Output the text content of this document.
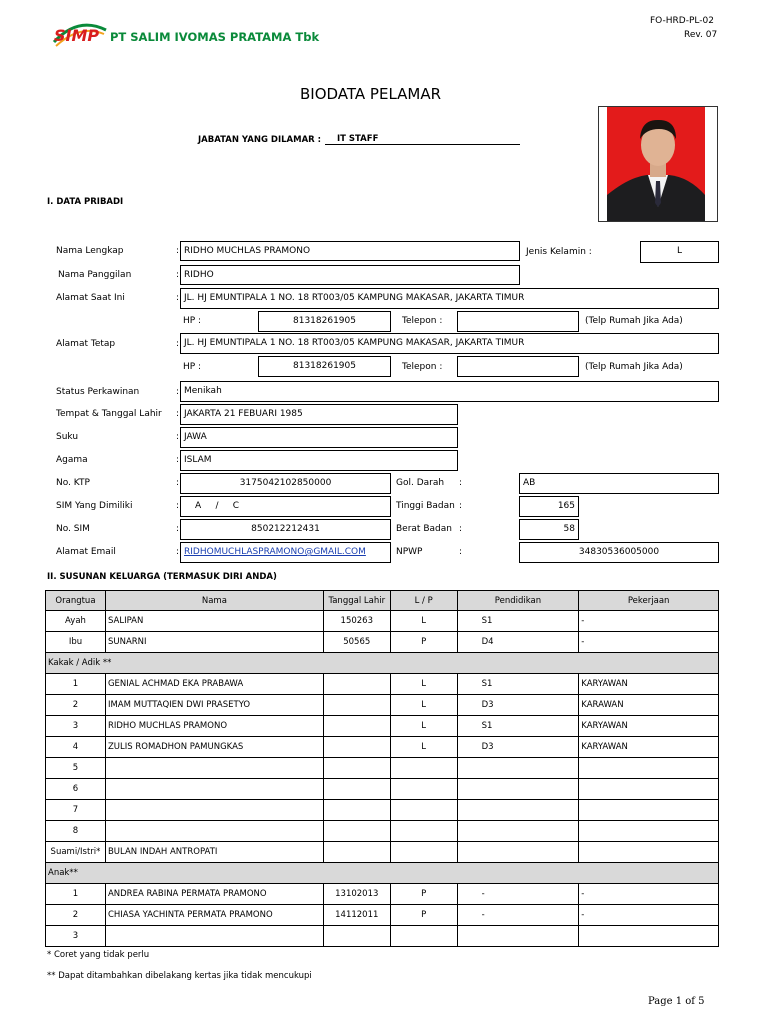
SIMP PT SALIM IVOMAS PRATAMA Tbk
FO-HRD-PL-02
Rev. 07
BIODATA PELAMAR
JABATAN YANG DILAMAR :	IT STAFF
I. DATA PRIBADI
Nama Lengkap	: RIDHO MUCHLAS PRAMONO	Jenis Kelamin :	L
Nama Panggilan	: RIDHO
Alamat Saat Ini	: JL. HJ EMUNTIPALA 1 NO. 18 RT003/05 KAMPUNG MAKASAR, JAKARTA TIMUR
HP :	81318261905	Telepon :	(Telp Rumah Jika Ada)
Alamat Tetap	: JL. HJ EMUNTIPALA 1 NO. 18 RT003/05 KAMPUNG MAKASAR, JAKARTA TIMUR
HP :	81318261905	Telepon :	(Telp Rumah Jika Ada)
Status Perkawinan	: Menikah
Tempat & Tanggal Lahir : JAKARTA 21 FEBUARI 1985
Suku	: JAWA
Agama	: ISLAM
No. KTP	:	3175042102850000	Gol. Darah :	AB
SIM Yang Dimiliki	:	A     /     C	Tinggi Badan :	165
No. SIM	:	850212212431	Berat Badan :	58
Alamat Email	: RIDHOMUCHLASPRAMONO@GMAIL.COM	NPWP	:	34830536005000
II. SUSUNAN KELUARGA (TERMASUK DIRI ANDA)
Orangtua	Nama	Tanggal Lahir	L / P	Pendidikan	Pekerjaan
Ayah	SALIPAN	150263	L	S1	-
Ibu	SUNARNI	50565	P	D4	-
Kakak / Adik **					
1	GENIAL ACHMAD EKA PRABAWA		L	S1	KARYAWAN
2	IMAM MUTTAQIEN DWI PRASETYO		L	D3	KARAWAN
3	RIDHO MUCHLAS PRAMONO		L	S1	KARYAWAN
4	ZULIS ROMADHON PAMUNGKAS		L	D3	KARYAWAN
5					
6					
7					
8					
Suami/Istri*	BULAN INDAH ANTROPATI				
Anak**					
1	ANDREA RABINA PERMATA PRAMONO	13102013	P	-	-
2	CHIASA YACHINTA PERMATA PRAMONO	14112011	P	-	-
3					
* Coret yang tidak perlu
** Dapat ditambahkan dibelakang kertas jika tidak mencukupi
Page 1 of 5
